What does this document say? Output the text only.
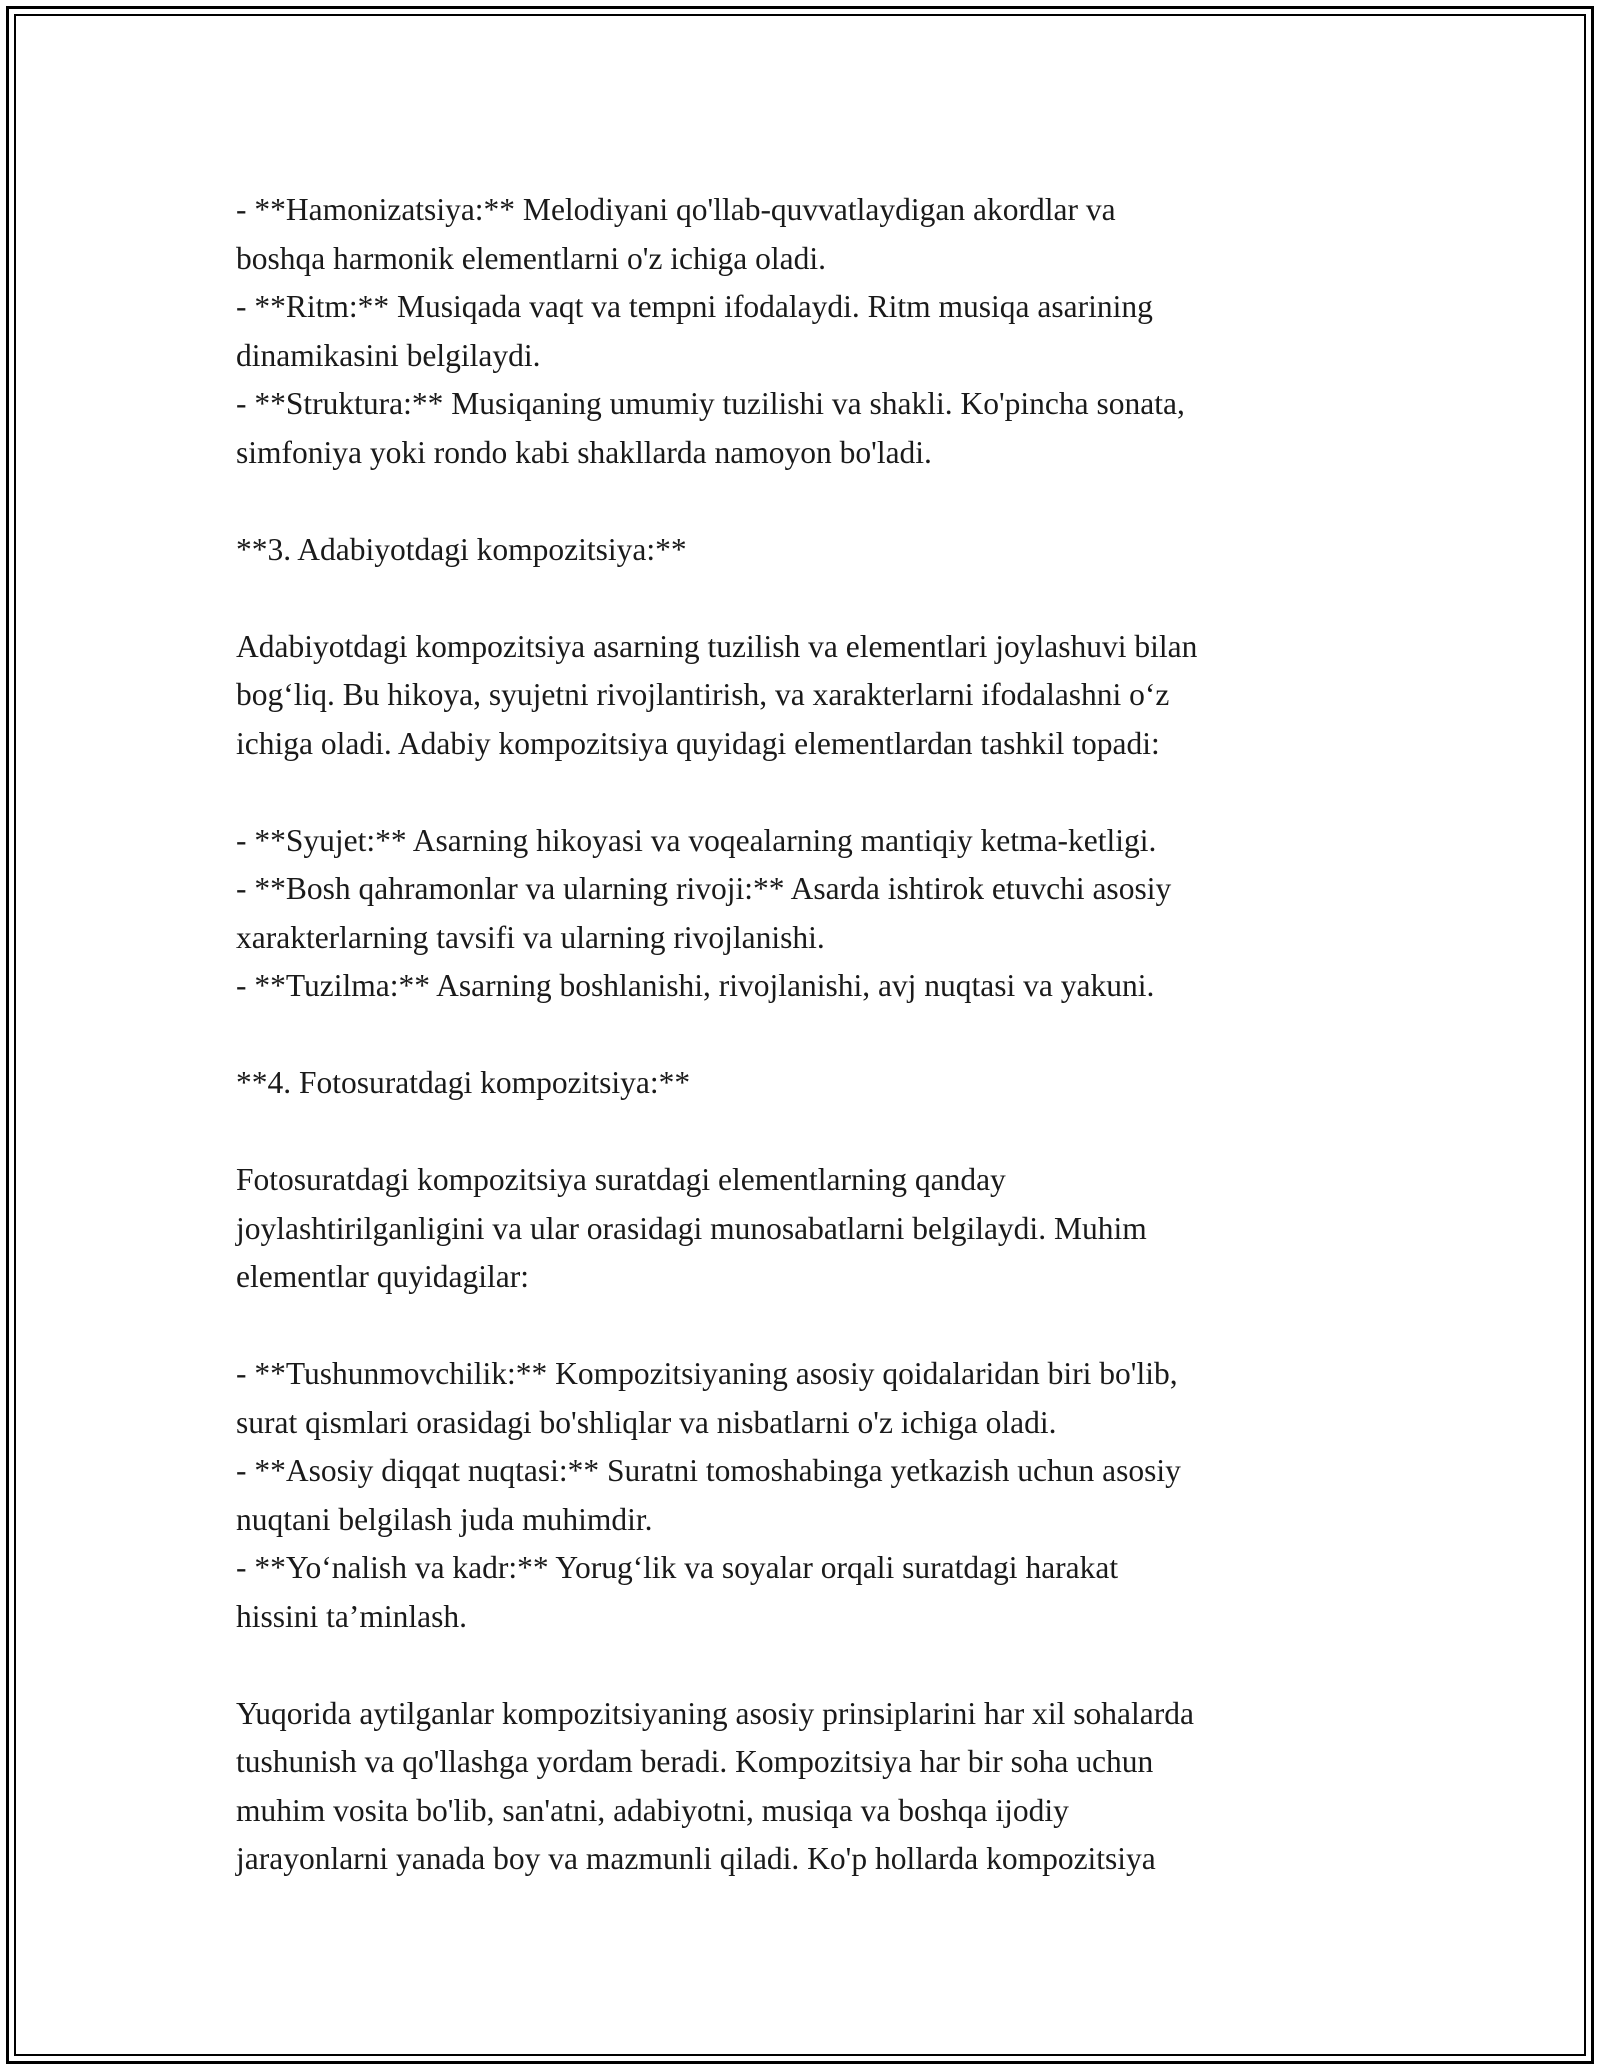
- **Hamonizatsiya:** Melodiyani qo'llab-quvvatlaydigan akordlar va
boshqa harmonik elementlarni o'z ichiga oladi.
- **Ritm:** Musiqada vaqt va tempni ifodalaydi. Ritm musiqa asarining
dinamikasini belgilaydi.
- **Struktura:** Musiqaning umumiy tuzilishi va shakli. Ko'pincha sonata,
simfoniya yoki rondo kabi shakllarda namoyon bo'ladi.
**3. Adabiyotdagi kompozitsiya:**
Adabiyotdagi kompozitsiya asarning tuzilish va elementlari joylashuvi bilan
bog‘liq. Bu hikoya, syujetni rivojlantirish, va xarakterlarni ifodalashni o‘z
ichiga oladi. Adabiy kompozitsiya quyidagi elementlardan tashkil topadi:
- **Syujet:** Asarning hikoyasi va voqealarning mantiqiy ketma-ketligi.
- **Bosh qahramonlar va ularning rivoji:** Asarda ishtirok etuvchi asosiy
xarakterlarning tavsifi va ularning rivojlanishi.
- **Tuzilma:** Asarning boshlanishi, rivojlanishi, avj nuqtasi va yakuni.
**4. Fotosuratdagi kompozitsiya:**
Fotosuratdagi kompozitsiya suratdagi elementlarning qanday
joylashtirilganligini va ular orasidagi munosabatlarni belgilaydi. Muhim
elementlar quyidagilar:
- **Tushunmovchilik:** Kompozitsiyaning asosiy qoidalaridan biri bo'lib,
surat qismlari orasidagi bo'shliqlar va nisbatlarni o'z ichiga oladi.
- **Asosiy diqqat nuqtasi:** Suratni tomoshabinga yetkazish uchun asosiy
nuqtani belgilash juda muhimdir.
- **Yo‘nalish va kadr:** Yorug‘lik va soyalar orqali suratdagi harakat
hissini ta’minlash.
Yuqorida aytilganlar kompozitsiyaning asosiy prinsiplarini har xil sohalarda
tushunish va qo'llashga yordam beradi. Kompozitsiya har bir soha uchun
muhim vosita bo'lib, san'atni, adabiyotni, musiqa va boshqa ijodiy
jarayonlarni yanada boy va mazmunli qiladi. Ko'p hollarda kompozitsiya
